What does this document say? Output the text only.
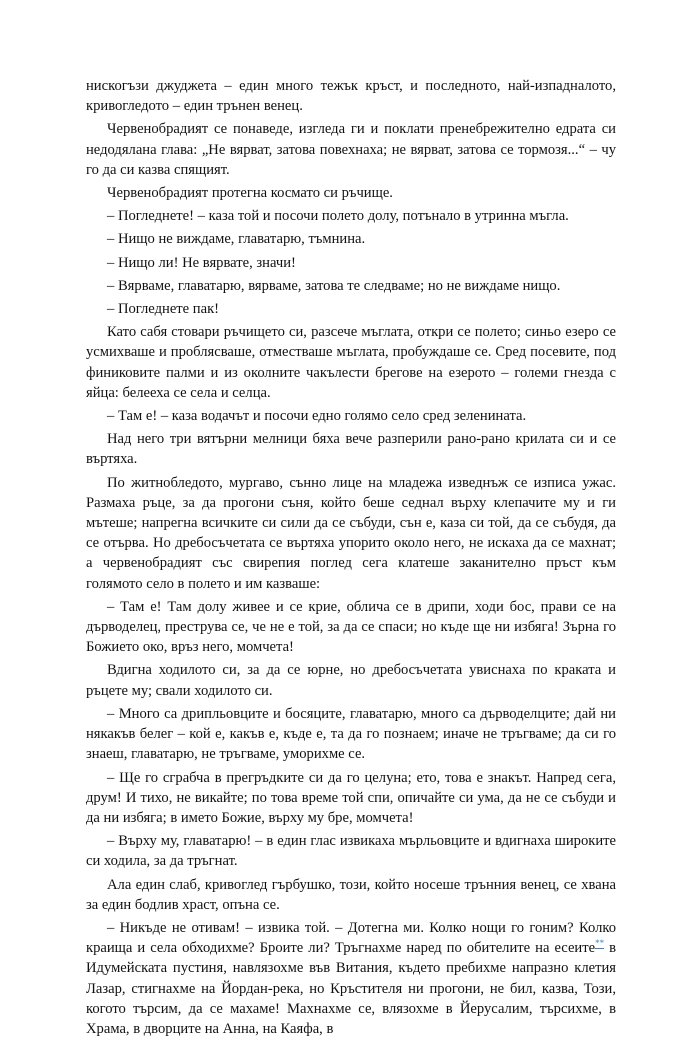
нискогъзи джуджета – един много тежък кръст, и последното, най-изпадналото, кривогледото – един трънен венец.

Червенобрадият се понаведе, изгледа ги и поклати пренебрежително едрата си недодялана глава: „Не вярват, затова повехнаха; не вярват, затова се тормозя...“ – чу го да си казва спящият.

Червенобрадият протегна космато си ръчище.

– Погледнете! – каза той и посочи полето долу, потънало в утринна мъгла.

– Нищо не виждаме, главатарю, тъмнина.

– Нищо ли! Не вярвате, значи!

– Вярваме, главатарю, вярваме, затова те следваме; но не виждаме нищо.

– Погледнете пак!

Като сабя стовари ръчището си, разсече мъглата, откри се полето; синьо езеро се усмихваше и проблясваше, отместваше мъглата, пробуждаше се. Сред посевите, под финиковите палми и из околните чакълести брегове на езерото – големи гнезда с яйца: белееха се села и селца.

– Там е! – каза водачът и посочи едно голямо село сред зеленината.

Над него три вятърни мелници бяха вече разперили рано-рано крилата си и се въртяха.

По житнобледото, мургаво, сънно лице на младежа изведнъж се изписа ужас. Размаха ръце, за да прогони съня, който беше седнал върху клепачите му и ги мътеше; напрегна всичките си сили да се събуди, сън е, каза си той, да се събудя, да се отърва. Но дребосъчетата се въртяха упорито около него, не искаха да се махнат; а червенобрадият със свирепия поглед сега клатеше заканително пръст към голямото село в полето и им казваше:

– Там е! Там долу живее и се крие, облича се в дрипи, ходи бос, прави се на дърводелец, преструва се, че не е той, за да се спаси; но къде ще ни избяга! Зърна го Божието око, връз него, момчета!

Вдигна ходилото си, за да се юрне, но дребосъчетата увиснаха по краката и ръцете му; свали ходилото си.

– Много са дрипльовците и босяците, главатарю, много са дърводелците; дай ни някакъв белег – кой е, какъв е, къде е, та да го познаем; иначе не тръгваме; да си го знаеш, главатарю, не тръгваме, уморихме се.

– Ще го сграбча в прегръдките си да го целуна; ето, това е знакът. Напред сега, друм! И тихо, не викайте; по това време той спи, опичайте си ума, да не се събуди и да ни избяга; в името Божие, върху му бре, момчета!

– Върху му, главатарю! – в един глас извикаха мърльовците и вдигнаха широките си ходила, за да тръгнат.

Ала един слаб, кривоглед гърбушко, този, който носеше трънния венец, се хвана за един бодлив храст, опъна се.

– Никъде не отивам! – извика той. – Дотегна ми. Колко нощи го гоним? Колко краища и села обходихме? Броите ли? Тръгнахме наред по обителите на есеите** в Идумейската пустиня, навлязохме във Витания, където пребихме напразно клетия Лазар, стигнахме на Йордан-река, но Кръстителя ни прогони, не бил, казва, Този, когото търсим, да се махаме! Махнахме се, влязохме в Йерусалим, търсихме, в Храма, в дворците на Анна, на Каяфа, в
